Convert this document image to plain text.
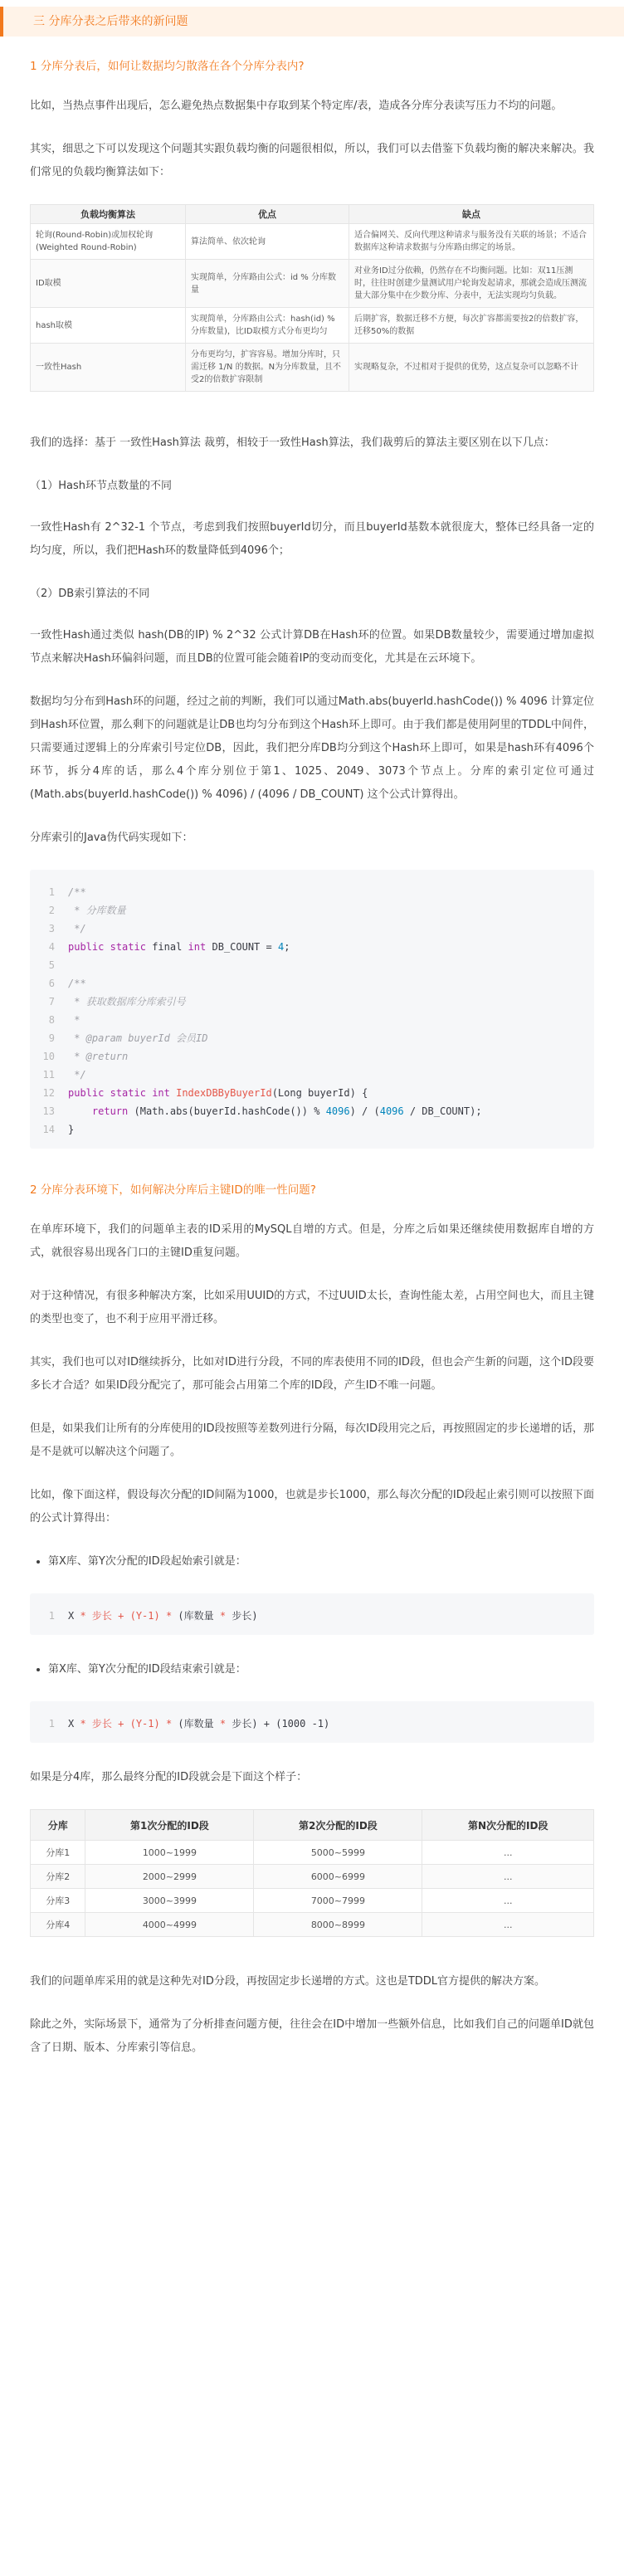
三 分库分表之后带来的新问题
1 分库分表后，如何让数据均匀散落在各个分库分表内?

比如，当热点事件出现后，怎么避免热点数据集中存取到某个特定库/表，造成各分库分表读写压力不均的问题。

其实，细思之下可以发现这个问题其实跟负载均衡的问题很相似，所以，我们可以去借鉴下负载均衡的解决来解决。我们常见的负载均衡算法如下：

负载均衡算法	优点	缺点
轮询(Round-Robin)或加权轮询(Weighted Round-Robin)	算法简单、依次轮询	适合偏网关、反向代理这种请求与服务没有关联的场景；不适合数据库这种请求数据与分库路由绑定的场景。
ID取模	实现简单，分库路由公式：id % 分库数量	对业务ID过分依赖，仍然存在不均衡问题。比如：双11压测时，往往时创建少量测试用户轮询发起请求，那就会造成压测流量大部分集中在少数分库、分表中，无法实现均匀负载。
hash取模	实现简单，分库路由公式：hash(id) % 分库数量)，比ID取模方式分布更均匀	后期扩容，数据迁移不方便，每次扩容都需要按2的倍数扩容，迁移50%的数据
一致性Hash	分布更均匀，扩容容易。增加分库时，只需迁移 1/N 的数据。N为分库数量，且不受2的倍数扩容限制	实现略复杂，不过相对于提供的优势，这点复杂可以忽略不计

我们的选择：基于 一致性Hash算法 裁剪，相较于一致性Hash算法，我们裁剪后的算法主要区别在以下几点：

（1）Hash环节点数量的不同

一致性Hash有 2^32-1 个节点，考虑到我们按照buyerId切分，而且buyerId基数本就很庞大，整体已经具备一定的均匀度，所以，我们把Hash环的数量降低到4096个；

（2）DB索引算法的不同

一致性Hash通过类似 hash(DB的IP) % 2^32 公式计算DB在Hash环的位置。如果DB数量较少，需要通过增加虚拟节点来解决Hash环偏斜问题，而且DB的位置可能会随着IP的变动而变化，尤其是在云环境下。

数据均匀分布到Hash环的问题，经过之前的判断，我们可以通过Math.abs(buyerId.hashCode()) % 4096 计算定位到Hash环位置，那么剩下的问题就是让DB也均匀分布到这个Hash环上即可。由于我们都是使用阿里的TDDL中间件，只需要通过逻辑上的分库索引号定位DB，因此，我们把分库DB均分到这个Hash环上即可，如果是hash环有4096个环节，拆分4库的话，那么4个库分别位于第1、1025、2049、3073个节点上。分库的索引定位可通过 (Math.abs(buyerId.hashCode()) % 4096) / (4096 / DB_COUNT) 这个公式计算得出。

分库索引的Java伪代码实现如下：

1	/**
2	* 分库数量
3	*/
4	public
static
final
int
DB_COUNT = 4 ;
5
6	/**
7	* 获取数据库分库索引号
8	*
9	* @param buyerId 会员ID
10	* @return
11	*/
12	public
static
int
IndexDBByBuyerId (Long buyerId) {
13
	return (Math.abs(buyerId.hashCode()) % 4096 ) / ( 4096 / DB_COUNT);
14	}
2 分库分表环境下，如何解决分库后主键ID的唯一性问题?

在单库环境下，我们的问题单主表的ID采用的MySQL自增的方式。但是，分库之后如果还继续使用数据库自增的方式，就很容易出现各门口的主键ID重复问题。

对于这种情况，有很多种解决方案，比如采用UUID的方式，不过UUID太长，查询性能太差，占用空间也大，而且主键的类型也变了，也不利于应用平滑迁移。

其实，我们也可以对ID继续拆分，比如对ID进行分段，不同的库表使用不同的ID段，但也会产生新的问题，这个ID段要多长才合适？如果ID段分配完了，那可能会占用第二个库的ID段，产生ID不唯一问题。

但是，如果我们让所有的分库使用的ID段按照等差数列进行分隔，每次ID段用完之后，再按照固定的步长递增的话，那是不是就可以解决这个问题了。

比如，像下面这样，假设每次分配的ID间隔为1000，也就是步长1000，那么每次分配的ID段起止索引则可以按照下面的公式计算得出：

• 第X库、第Y次分配的ID段起始索引就是：
1	X * 步长 + (Y-1) * (库数量 * 步长)
• 第X库、第Y次分配的ID段结束索引就是：
1	X * 步长 + (Y-1) * (库数量 * 步长) + (1000 -1)

如果是分4库，那么最终分配的ID段就会是下面这个样子：

分库	第1次分配的ID段	第2次分配的ID段	第N次分配的ID段
分库1	1000~1999	5000~5999	...
分库2	2000~2999	6000~6999	...
分库3	3000~3999	7000~7999	...
分库4	4000~4999	8000~8999	...

我们的问题单库采用的就是这种先对ID分段，再按固定步长递增的方式。这也是TDDL官方提供的解决方案。

除此之外，实际场景下，通常为了分析排查问题方便，往往会在ID中增加一些额外信息，比如我们自己的问题单ID就包含了日期、版本、分库索引等信息。
